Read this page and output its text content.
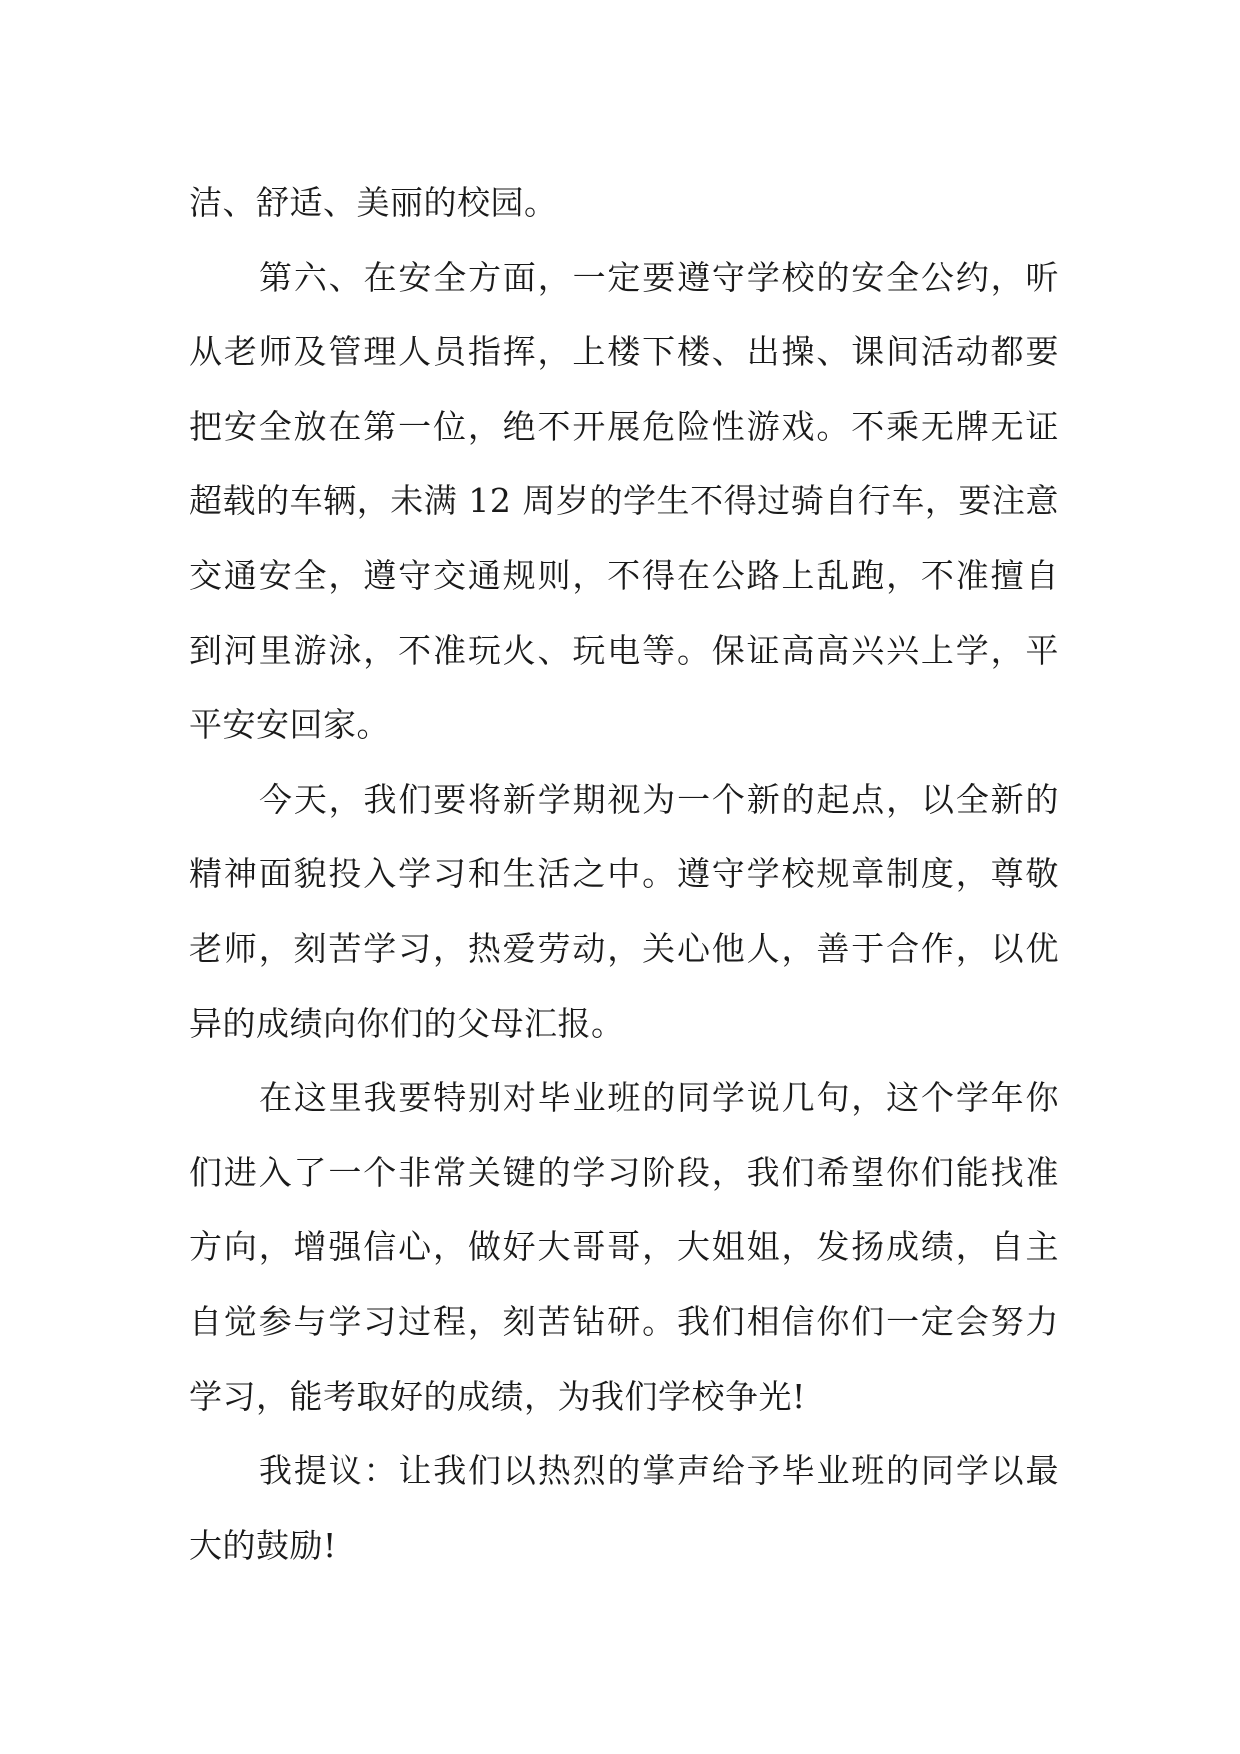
洁、舒适、美丽的校园。
第六、在安全方面，一定要遵守学校的安全公约，听
从老师及管理人员指挥，上楼下楼、出操、课间活动都要
把安全放在第一位，绝不开展危险性游戏。不乘无牌无证
超载的车辆，未满 12 周岁的学生不得过骑自行车，要注意
交通安全，遵守交通规则，不得在公路上乱跑，不准擅自
到河里游泳，不准玩火、玩电等。保证高高兴兴上学，平
平安安回家。
今天，我们要将新学期视为一个新的起点，以全新的
精神面貌投入学习和生活之中。遵守学校规章制度，尊敬
老师，刻苦学习，热爱劳动，关心他人，善于合作，以优
异的成绩向你们的父母汇报。
在这里我要特别对毕业班的同学说几句，这个学年你
们进入了一个非常关键的学习阶段，我们希望你们能找准
方向，增强信心，做好大哥哥，大姐姐，发扬成绩，自主
自觉参与学习过程，刻苦钻研。我们相信你们一定会努力
学习，能考取好的成绩，为我们学校争光!
我提议：让我们以热烈的掌声给予毕业班的同学以最
大的鼓励!
